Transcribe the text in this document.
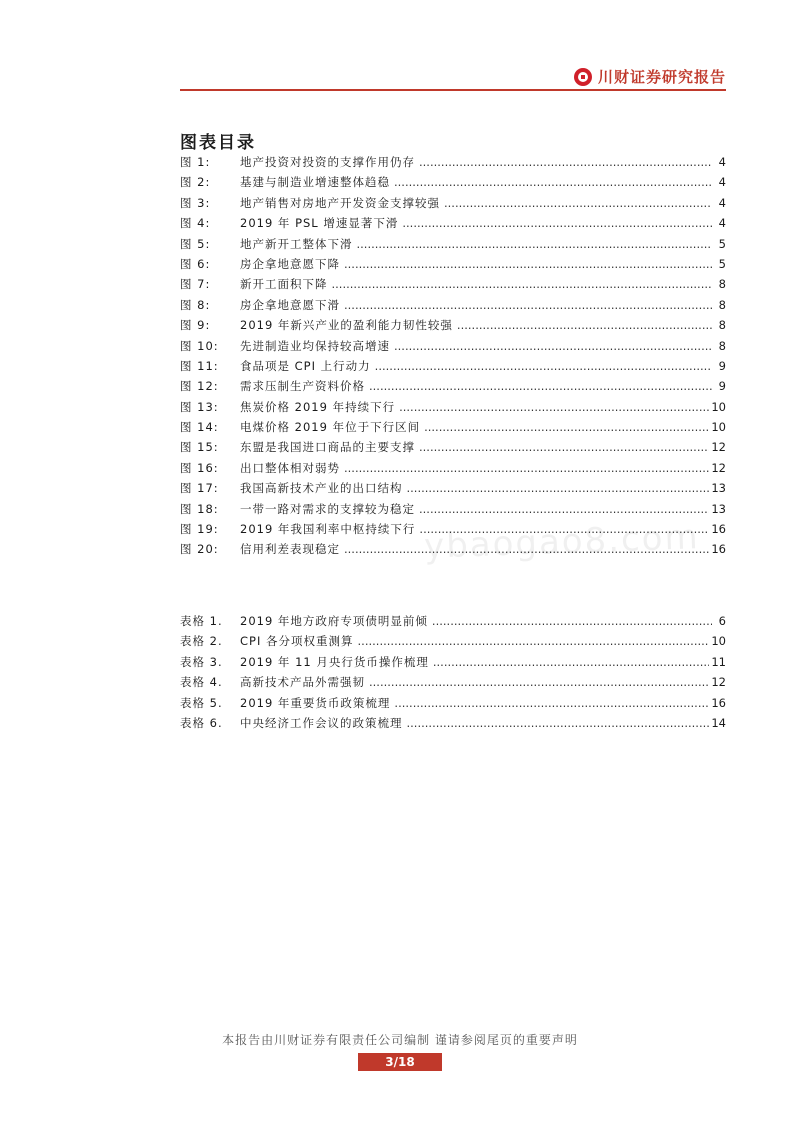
川财证券研究报告
图表目录
图 1:	地产投资对投资的支撑作用仍存 .....	4
图 2:	基建与制造业增速整体趋稳 .....	4
图 3:	地产销售对房地产开发资金支撑较强 .....	4
图 4:	2019 年 PSL 增速显著下滑 .....	4
图 5:	地产新开工整体下滑 .....	5
图 6:	房企拿地意愿下降 .....	5
图 7:	新开工面积下降 .....	8
图 8:	房企拿地意愿下滑 .....	8
图 9:	2019 年新兴产业的盈利能力韧性较强 .....	8
图 10:	先进制造业均保持较高增速 .....	8
图 11:	食品项是 CPI 上行动力 .....	9
图 12:	需求压制生产资料价格 .....	9
图 13:	焦炭价格 2019 年持续下行 .....	10
图 14:	电煤价格 2019 年位于下行区间 .....	10
图 15:	东盟是我国进口商品的主要支撑 .....	12
图 16:	出口整体相对弱势 .....	12
图 17:	我国高新技术产业的出口结构 .....	13
图 18:	一带一路对需求的支撑较为稳定 .....	13
图 19:	2019 年我国利率中枢持续下行 .....	16
图 20:	信用利差表现稳定 .....	16
表格 1.	2019 年地方政府专项债明显前倾 .....	6
表格 2.	CPI 各分项权重测算 .....	10
表格 3.	2019 年 11 月央行货币操作梳理 .....	11
表格 4.	高新技术产品外需强韧 .....	12
表格 5.	2019 年重要货币政策梳理 .....	16
表格 6.	中央经济工作会议的政策梳理 .....	14
ybaogao8.com
本报告由川财证券有限责任公司编制 谨请参阅尾页的重要声明
3/18
